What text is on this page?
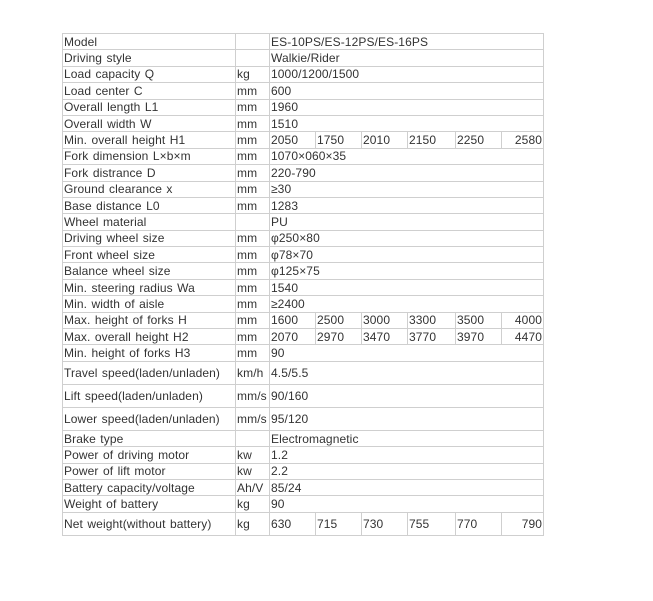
Model		ES-10PS/ES-12PS/ES-16PS					
Driving style		Walkie/Rider					
Load capacity Q	kg	1000/1200/1500					
Load center C	mm	600					
Overall length L1	mm	1960					
Overall width W	mm	1510					
Min. overall height H1	mm	2050	1750	2010	2150	2250	2580
Fork dimension L×b×m	mm	1070×060×35					
Fork distrance D	mm	220-790					
Ground clearance x	mm	≥30					
Base distance L0	mm	1283					
Wheel material		PU					
Driving wheel size	mm	φ250×80					
Front wheel size	mm	φ78×70					
Balance wheel size	mm	φ125×75					
Min. steering radius Wa	mm	1540					
Min. width of aisle	mm	≥2400					
Max. height of forks H	mm	1600	2500	3000	3300	3500	4000
Max. overall height H2	mm	2070	2970	3470	3770	3970	4470
Min. height of forks H3	mm	90					
Travel speed(laden/unladen)	km/h	4.5/5.5					
Lift speed(laden/unladen)	mm/s	90/160					
Lower speed(laden/unladen)	mm/s	95/120					
Brake type		Electromagnetic					
Power of driving motor	kw	1.2					
Power of lift motor	kw	2.2					
Battery capacity/voltage	Ah/V	85/24					
Weight of battery	kg	90					
Net weight(without battery)	kg	630	715	730	755	770	790
